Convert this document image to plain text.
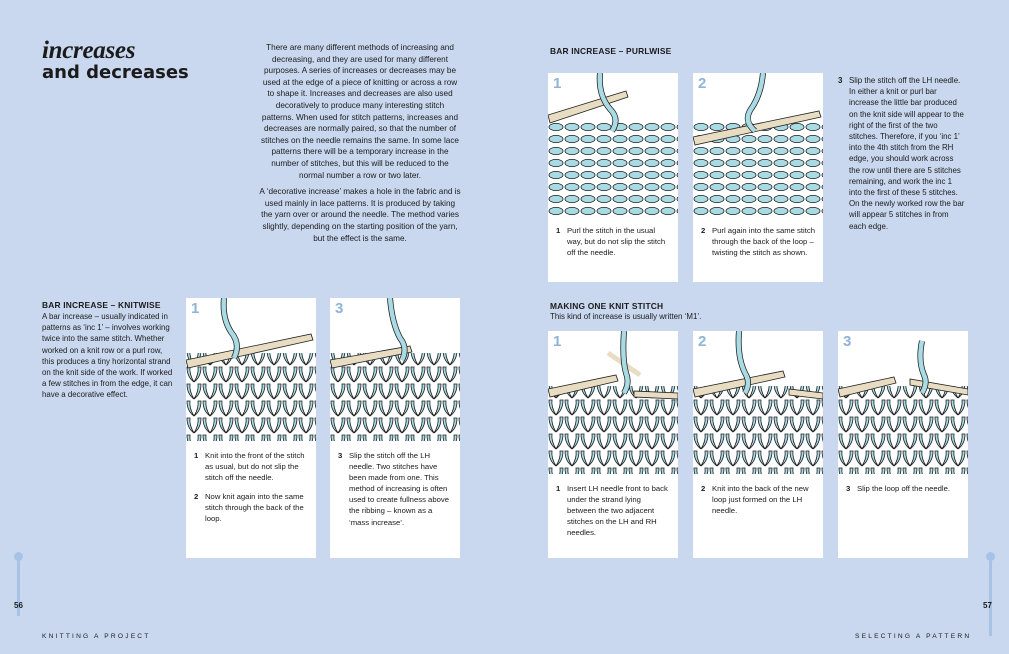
increases
and decreases

There are many different methods of increasing and decreasing, and they are used for many different purposes. A series of increases or decreases may be used at the edge of a piece of knitting or across a row to shape it. Increases and decreases are also used decoratively to produce many interesting stitch patterns. When used for stitch patterns, increases and decreases are normally paired, so that the number of stitches on the needle remains the same. In some lace patterns there will be a temporary increase in the number of stitches, but this will be reduced to the normal number a row or two later.

A ‘decorative increase’ makes a hole in the fabric and is used mainly in lace patterns. It is produced by taking the yarn over or around the needle. The method varies slightly, depending on the starting position of the yarn, but the effect is the same.

BAR INCREASE – KNITWISE
A bar increase – usually indicated in patterns as ‘inc 1’ – involves working twice into the same stitch. Whether worked on a knit row or a purl row, this produces a tiny horizontal strand on the knit side of the work. If worked a few stitches in from the edge, it can have a decorative effect.
1
1 Knit into the front of the stitch as usual, but do not slip the stitch off the needle.
2 Now knit again into the same stitch through the back of the loop.
3
3 Slip the stitch off the LH needle. Two stitches have been made from one. This method of increasing is often used to create fullness above the ribbing – known as a ‘mass increase’.
56
KNITTING A PROJECT
BAR INCREASE – PURLWISE
1
1 Purl the stitch in the usual way, but do not slip the stitch off the needle.
2
2 Purl again into the same stitch through the back of the loop – twisting the stitch as shown.
3 Slip the stitch off the LH needle. In either a knit or purl bar increase the little bar produced on the knit side will appear to the right of the first of the two stitches. Therefore, if you ‘inc 1’ into the 4th stitch from the RH edge, you should work across the row until there are 5 stitches remaining, and work the inc 1 into the first of these 5 stitches. On the newly worked row the bar will appear 5 stitches in from each edge.
MAKING ONE KNIT STITCH
This kind of increase is usually written ‘M1’.
1
1 Insert LH needle front to back under the strand lying between the two adjacent stitches on the LH and RH needles.
2
2 Knit into the back of the new loop just formed on the LH needle.
3
3 Slip the loop off the needle.
57
SELECTING A PATTERN
